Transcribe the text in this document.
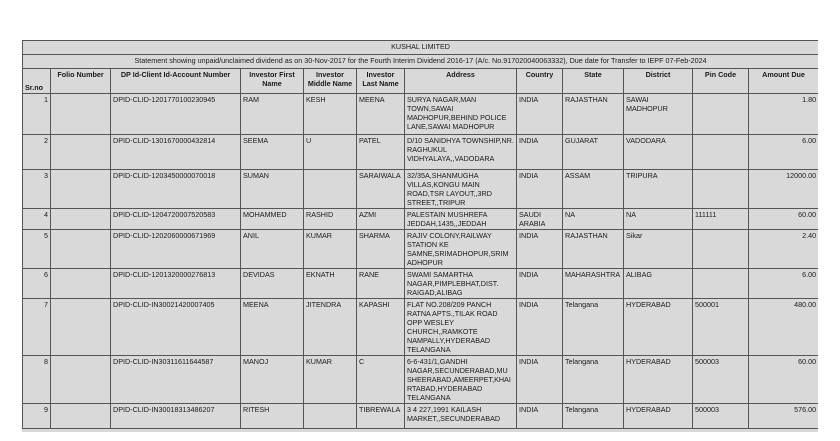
KUSHAL LIMITED											
Statement showing unpaid/unclaimed dividend as on 30-Nov-2017 for the Fourth Interim Dividend 2016-17 (A/c. No.917020040063332), Due date for Transfer to IEPF 07-Feb-2024											
Sr.no	Folio Number	DP Id-Client Id-Account Number	Investor First Name	Investor Middle Name	Investor Last Name	Address	Country	State	District	Pin Code	Amount Due
1		DPID-CLID-1201770100230945	RAM	KESH	MEENA	SURYA NAGAR,MAN TOWN,SAWAI MADHOPUR,BEHIND POLICE LANE,SAWAI MADHOPUR	INDIA	RAJASTHAN	SAWAI MADHOPUR		1.80
2		DPID-CLID-1301670000432814	SEEMA	U	PATEL	D/10 SANIDHYA TOWNSHIP,NR. RAGHUKUL VIDHYALAYA,,VADODARA	INDIA	GUJARAT	VADODARA		6.00
3		DPID-CLID-1203450000070018	SUMAN		SARAIWALA	32/35A,SHANMUGHA VILLAS,KONGU MAIN ROAD,TSR LAYOUT,,3RD STREET,,TRIPUR	INDIA	ASSAM	TRIPURA		12000.00
4		DPID-CLID-1204720007520583	MOHAMMED	RASHID	AZMI	PALESTAIN MUSHREFA JEDDAH,1435,,JEDDAH	SAUDI ARABIA	NA	NA	111111	60.00
5		DPID-CLID-1202060000671969	ANIL	KUMAR	SHARMA	RAJIV COLONY,RAILWAY STATION KE SAMNE,SRIMADHOPUR,SRIM ADHOPUR	INDIA	RAJASTHAN	Sikar		2.40
6		DPID-CLID-1201320000276813	DEVIDAS	EKNATH	RANE	SWAMI SAMARTHA NAGAR,PIMPLEBHAT,DIST. RAIGAD,ALIBAG	INDIA	MAHARASHTRA	ALIBAG		6.00
7		DPID-CLID-IN30021420007405	MEENA	JITENDRA	KAPASHI	FLAT NO.208/209 PANCH RATNA APTS.,TILAK ROAD OPP WESLEY CHURCH,,RAMKOTE NAMPALLY,HYDERABAD TELANGANA	INDIA	Telangana	HYDERABAD	500001	480.00
8		DPID-CLID-IN30311611644587	MANOJ	KUMAR	C	6-6-431/1,GANDHI NAGAR,SECUNDERABAD,MU SHEERABAD,AMEERPET,KHAI RTABAD,HYDERABAD TELANGANA	INDIA	Telangana	HYDERABAD	500003	60.00
9		DPID-CLID-IN30018313486207	RITESH		TIBREWALA	3 4 227,1991 KAILASH MARKET,,SECUNDERABAD	INDIA	Telangana	HYDERABAD	500003	576.00
